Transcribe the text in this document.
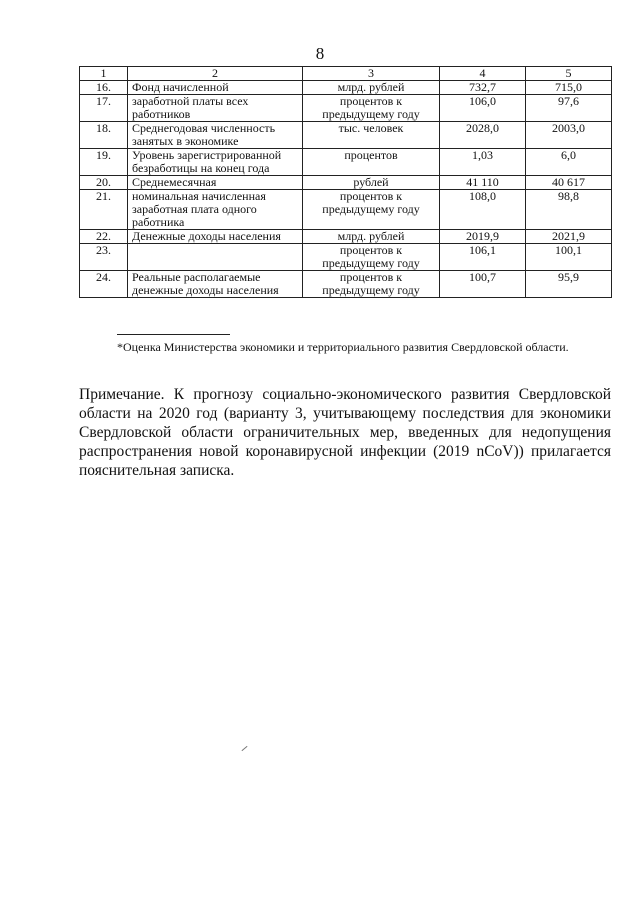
8
1	2	3	4	5
16.	Фонд начисленной	млрд. рублей	732,7	715,0
17.	заработной платы всех работников	процентов к предыдущему году	106,0	97,6
18.	Среднегодовая численность занятых в экономике	тыс. человек	2028,0	2003,0
19.	Уровень зарегистрированной безработицы на конец года	процентов	1,03	6,0
20.	Среднемесячная	рублей	41 110	40 617
21.	номинальная начисленная заработная плата одного работника	процентов к предыдущему году	108,0	98,8
22.	Денежные доходы населения	млрд. рублей	2019,9	2021,9
23.		процентов к предыдущему году	106,1	100,1
24.	Реальные располагаемые денежные доходы населения	процентов к предыдущему году	100,7	95,9
*Оценка Министерства экономики и территориального развития Свердловской области.
Примечание. К прогнозу социально-экономического развития Свердловской области на 2020 год (варианту 3, учитывающему последствия для экономики Свердловской области ограничительных мер, введенных для недопущения распространения новой коронавирусной инфекции (2019 nCoV)) прилагается пояснительная записка.
